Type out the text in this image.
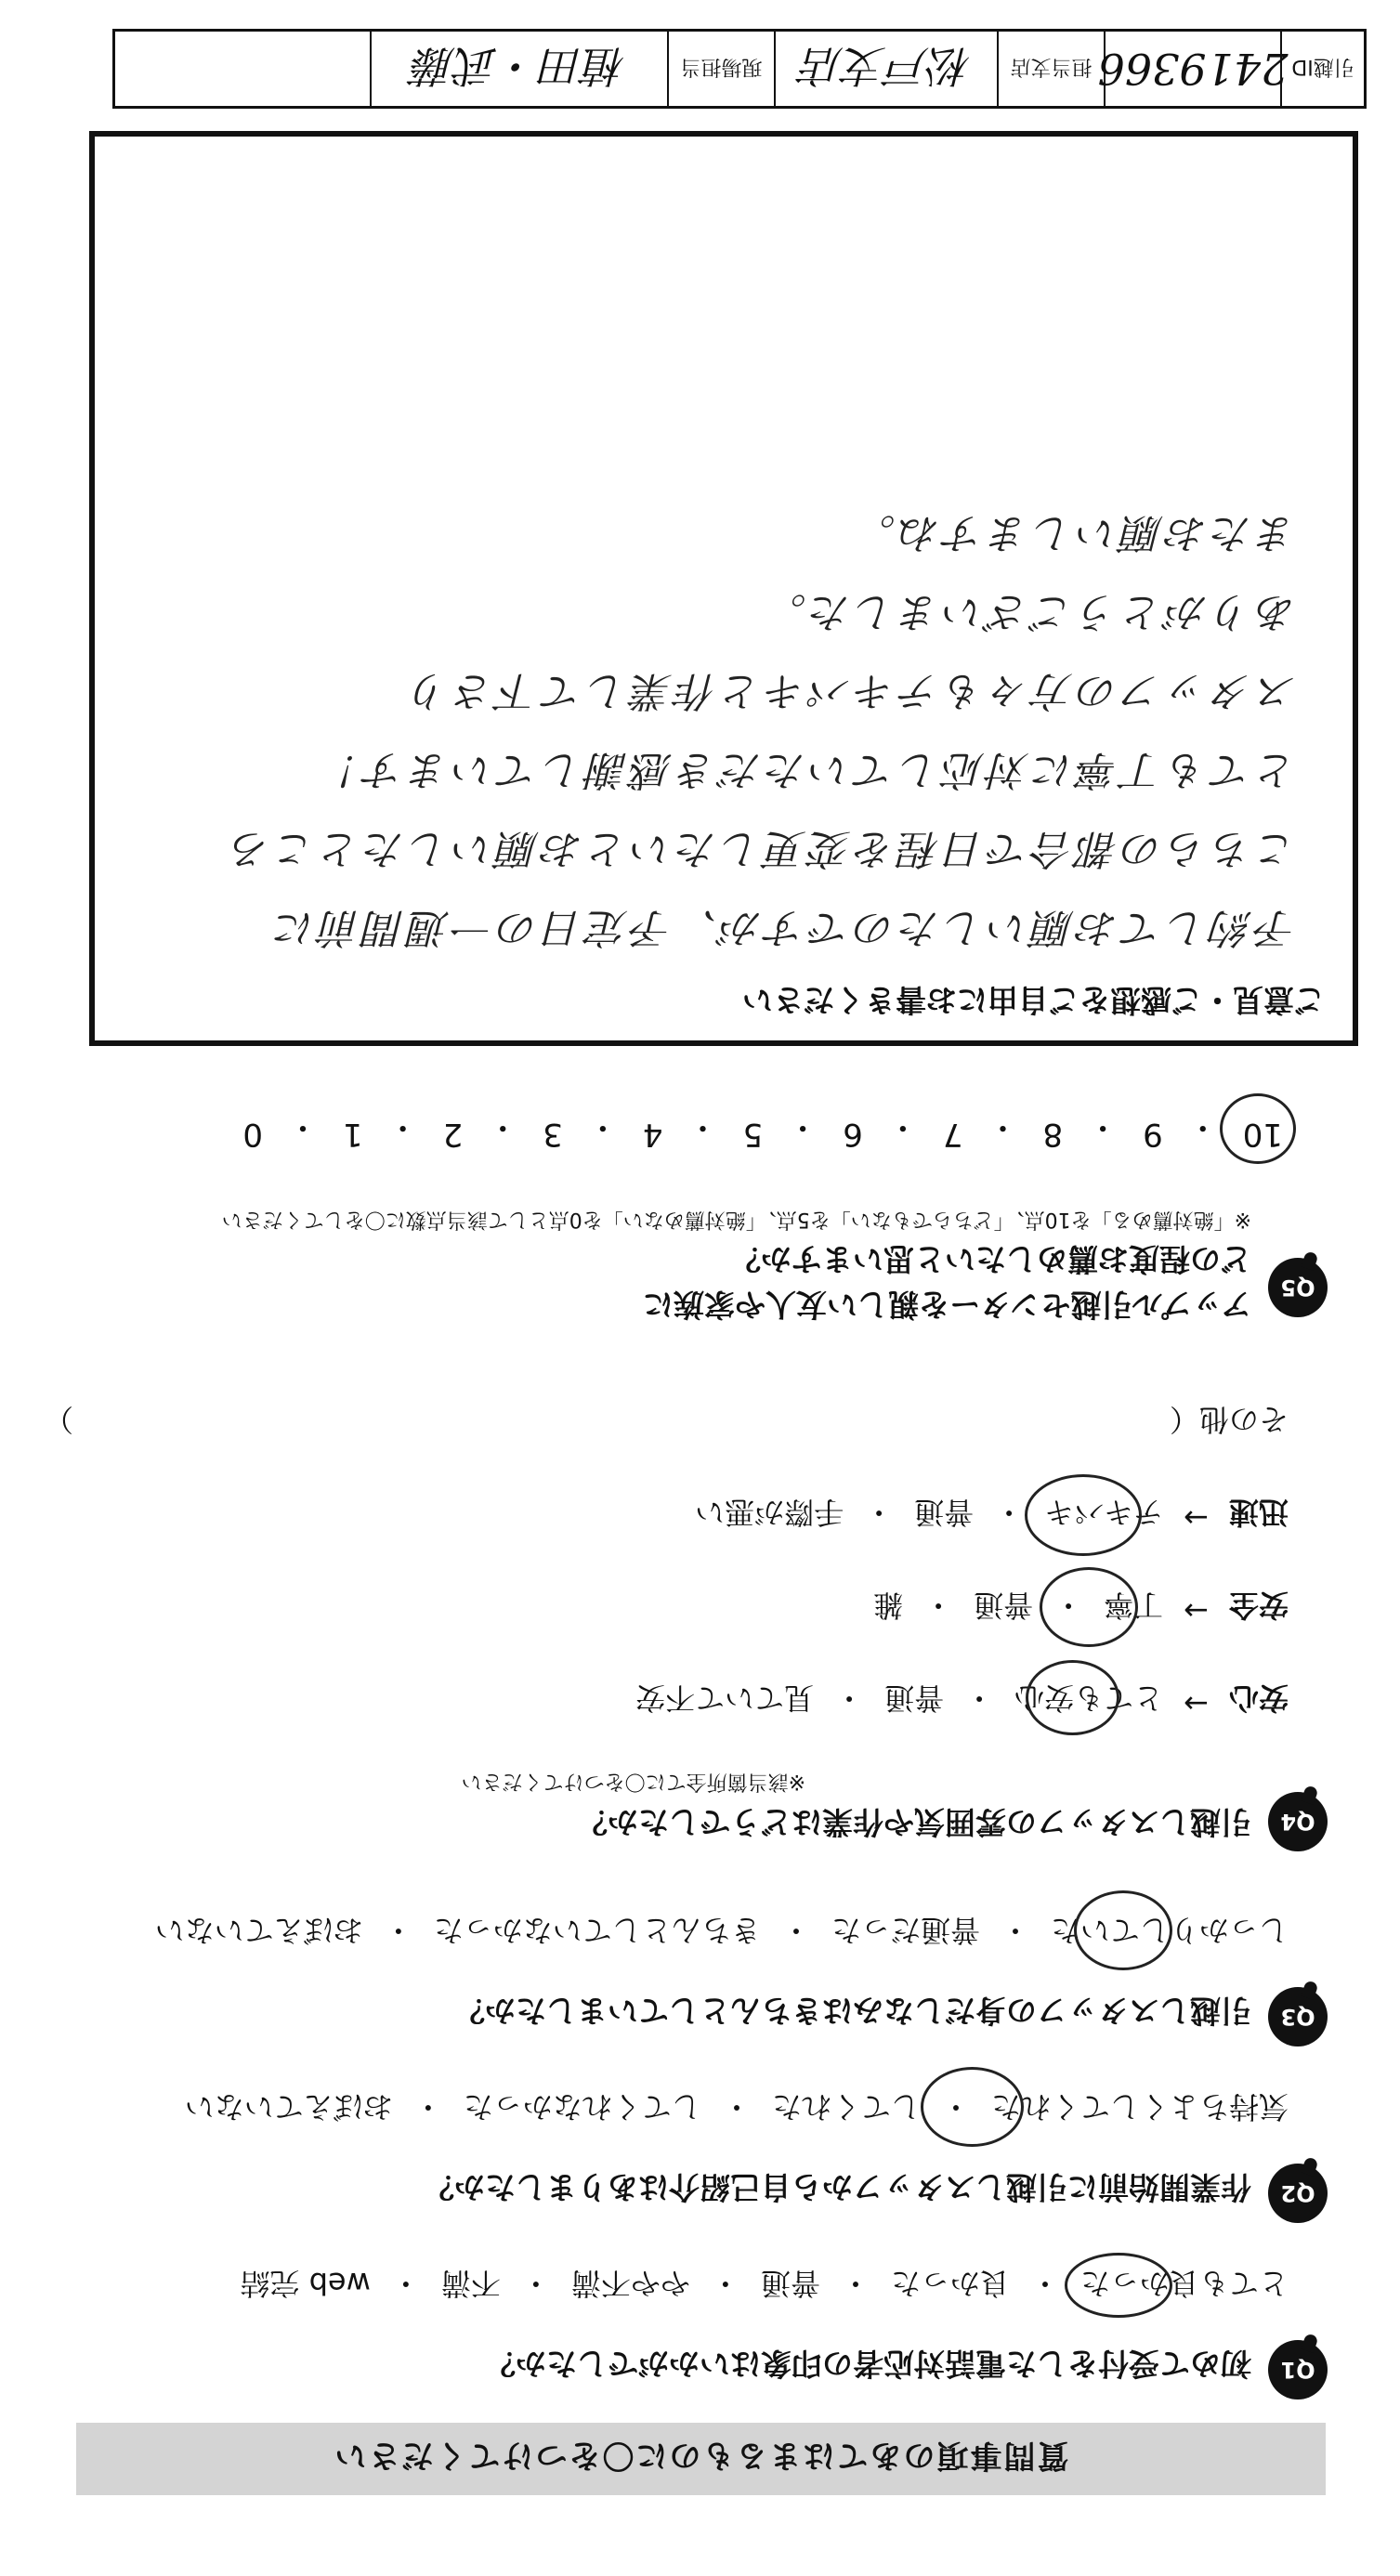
質問事項のあてはまるものに〇をつけてください
Q1
初めて受付をした電話対応者の印象はいかがでしたか？
とても良かった
・
良かった
・
普通
・
やや不満
・
不満
・
web 完結
Q2
作業開始前に引越しスタッフから自己紹介はありましたか？
気持ちよくしてくれた
・
してくれた
・
してくれなかった
・
おぼえていない
Q3
引越しスタッフの身だしなみはきちんとしていましたか？
しっかりしていた
・
普通だった
・
きちんとしていなかった
・
おぼえていない
Q4
引越しスタッフの雰囲気や作業はどうでしたか？
※該当箇所全てに〇をつけてください
安心
→
とても安心
・
普通
・
見ていて不安
安全
→
丁寧
・
普通
・
雑
迅速
→
テキパキ
・
普通
・
手際が悪い
その他（
）
Q5
アップル引越センターを親しい友人や家族に
どの程度お薦めしたいと思いますか？
※「絶対薦める」を10点、「どちらでもない」を5点、「絶対薦めない」を0点として該当点数に〇をしてください
10
・
9
・
8
・
7
・
6
・
5
・
4
・
3
・
2
・
1
・
0
ご意見・ご感想をご自由にお書きください
予約してお願いしたのですが、予定日の一週間前に
こちらの都合で日程を変更したいとお願いしたところ
とても丁寧に対応していただき感謝しています！
スタッフの方々もテキパキと作業して下さり
ありがとうございました。
またお願いしますね。
引越ID
2419366
担当支店
松戸支店
現場担当
植田・武藤
